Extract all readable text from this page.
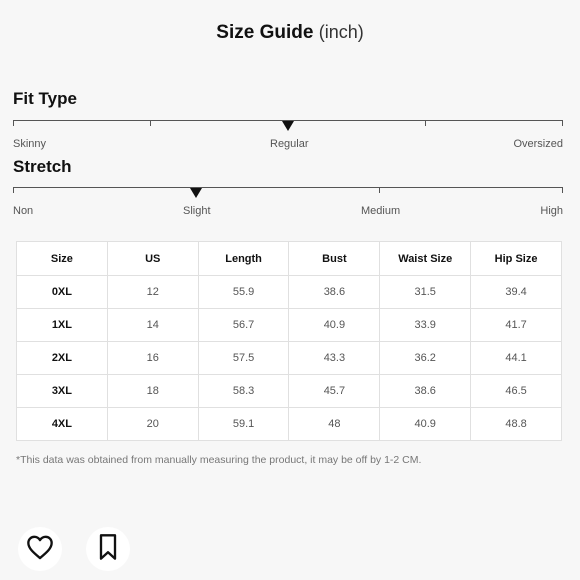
Size Guide (inch)
Fit Type
Skinny	Regular	Oversized
Stretch
Non	Slight	Medium	High
Size	US	Length	Bust	Waist Size	Hip Size
0XL	12	55.9	38.6	31.5	39.4
1XL	14	56.7	40.9	33.9	41.7
2XL	16	57.5	43.3	36.2	44.1
3XL	18	58.3	45.7	38.6	46.5
4XL	20	59.1	48	40.9	48.8
*This data was obtained from manually measuring the product, it may be off by 1-2 CM.
